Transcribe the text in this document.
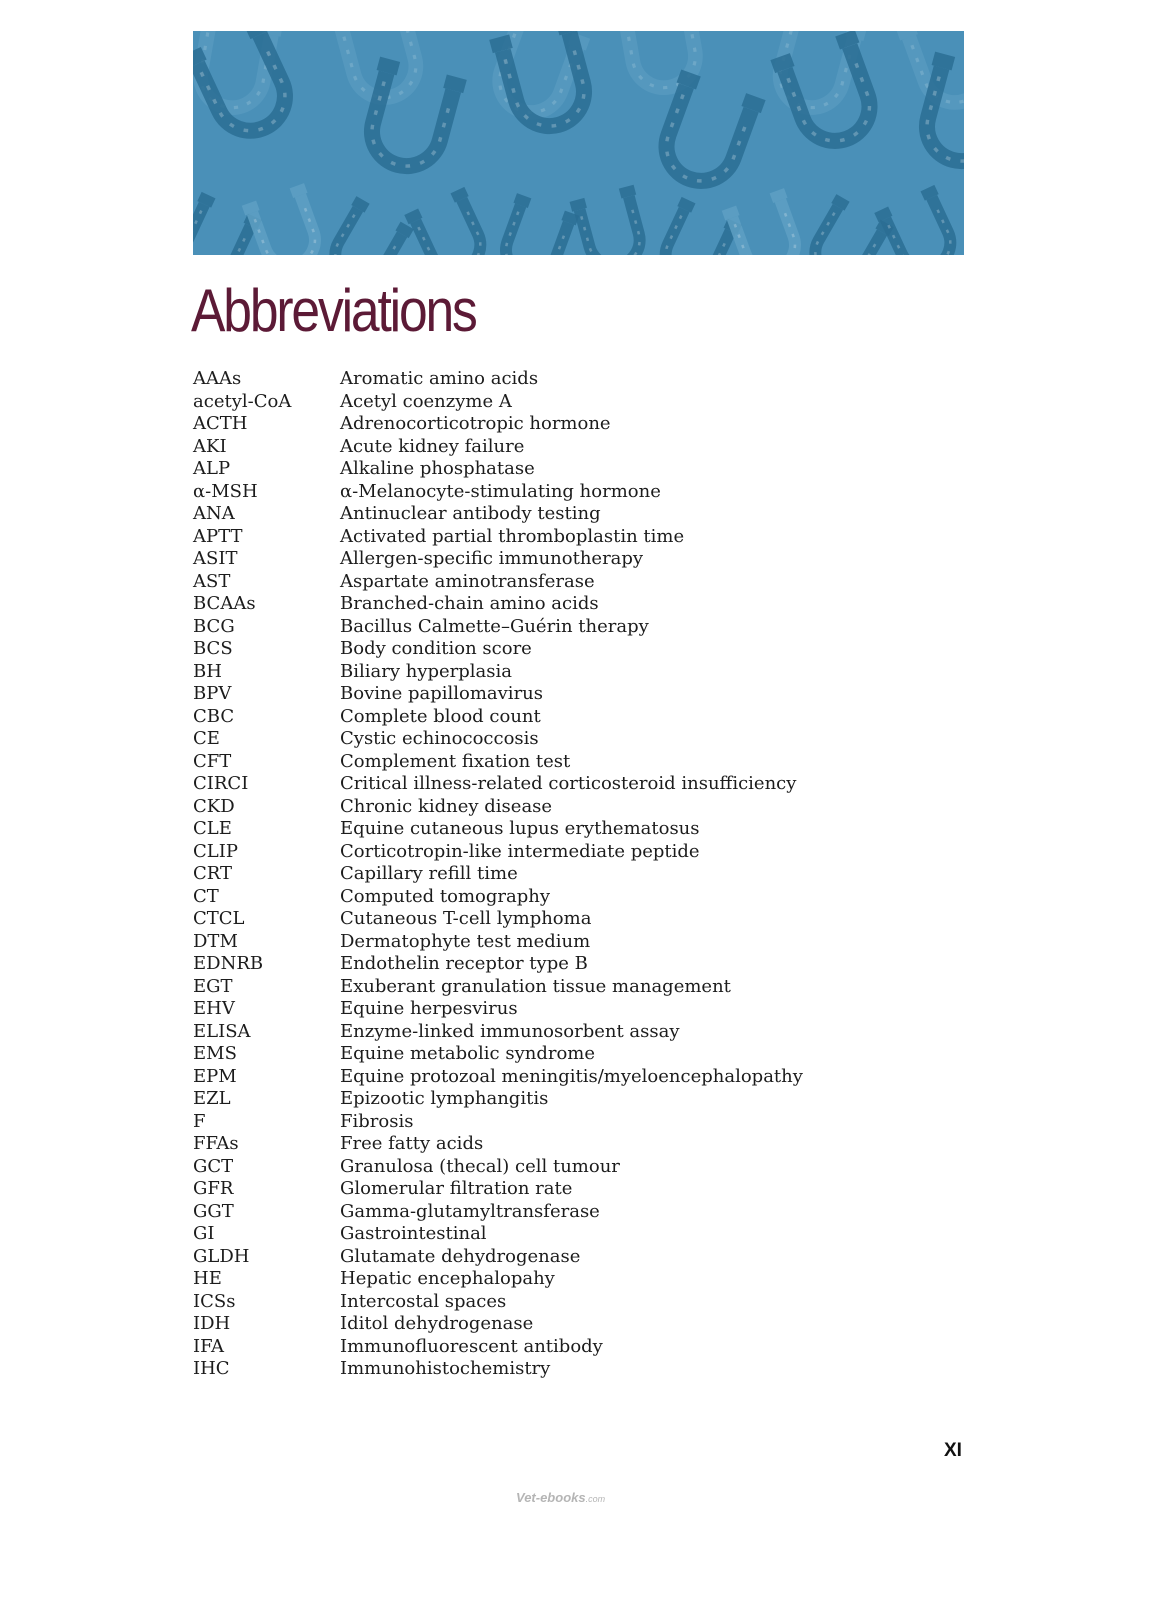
Abbreviations
AAAs	Aromatic amino acids
acetyl-CoA	Acetyl coenzyme A
ACTH	Adrenocorticotropic hormone
AKI	Acute kidney failure
ALP	Alkaline phosphatase
α-MSH	α-Melanocyte-stimulating hormone
ANA	Antinuclear antibody testing
APTT	Activated partial thromboplastin time
ASIT	Allergen-specific immunotherapy
AST	Aspartate aminotransferase
BCAAs	Branched-chain amino acids
BCG	Bacillus Calmette–Guérin therapy
BCS	Body condition score
BH	Biliary hyperplasia
BPV	Bovine papillomavirus
CBC	Complete blood count
CE	Cystic echinococcosis
CFT	Complement fixation test
CIRCI	Critical illness-related corticosteroid insufficiency
CKD	Chronic kidney disease
CLE	Equine cutaneous lupus erythematosus
CLIP	Corticotropin-like intermediate peptide
CRT	Capillary refill time
CT	Computed tomography
CTCL	Cutaneous T-cell lymphoma
DTM	Dermatophyte test medium
EDNRB	Endothelin receptor type B
EGT	Exuberant granulation tissue management
EHV	Equine herpesvirus
ELISA	Enzyme-linked immunosorbent assay
EMS	Equine metabolic syndrome
EPM	Equine protozoal meningitis/myeloencephalopathy
EZL	Epizootic lymphangitis
F	Fibrosis
FFAs	Free fatty acids
GCT	Granulosa (thecal) cell tumour
GFR	Glomerular filtration rate
GGT	Gamma-glutamyltransferase
GI	Gastrointestinal
GLDH	Glutamate dehydrogenase
HE	Hepatic encephalopahy
ICSs	Intercostal spaces
IDH	Iditol dehydrogenase
IFA	Immunofluorescent antibody
IHC	Immunohistochemistry
XI
Vet-ebooks.com
